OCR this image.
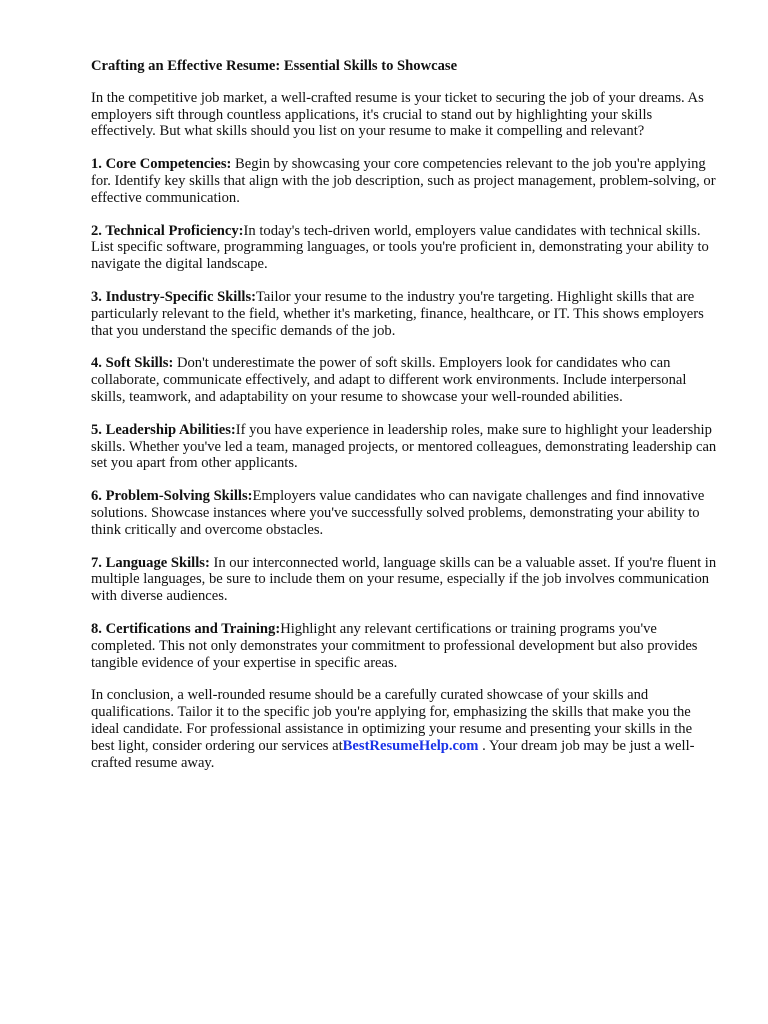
Crafting an Effective Resume: Essential Skills to Showcase

In the competitive job market, a well-crafted resume is your ticket to securing the job of your dreams. As employers sift through countless applications, it's crucial to stand out by highlighting your skills effectively. But what skills should you list on your resume to make it compelling and relevant?

1. Core Competencies: Begin by showcasing your core competencies relevant to the job you're applying for. Identify key skills that align with the job description, such as project management, problem-solving, or effective communication.

2. Technical Proficiency:In today's tech-driven world, employers value candidates with technical skills. List specific software, programming languages, or tools you're proficient in, demonstrating your ability to navigate the digital landscape.

3. Industry-Specific Skills:Tailor your resume to the industry you're targeting. Highlight skills that are particularly relevant to the field, whether it's marketing, finance, healthcare, or IT. This shows employers that you understand the specific demands of the job.

4. Soft Skills: Don't underestimate the power of soft skills. Employers look for candidates who can collaborate, communicate effectively, and adapt to different work environments. Include interpersonal skills, teamwork, and adaptability on your resume to showcase your well-rounded abilities.

5. Leadership Abilities:If you have experience in leadership roles, make sure to highlight your leadership skills. Whether you've led a team, managed projects, or mentored colleagues, demonstrating leadership can set you apart from other applicants.

6. Problem-Solving Skills:Employers value candidates who can navigate challenges and find innovative solutions. Showcase instances where you've successfully solved problems, demonstrating your ability to think critically and overcome obstacles.

7. Language Skills: In our interconnected world, language skills can be a valuable asset. If you're fluent in multiple languages, be sure to include them on your resume, especially if the job involves communication with diverse audiences.

8. Certifications and Training:Highlight any relevant certifications or training programs you've completed. This not only demonstrates your commitment to professional development but also provides tangible evidence of your expertise in specific areas.

In conclusion, a well-rounded resume should be a carefully curated showcase of your skills and qualifications. Tailor it to the specific job you're applying for, emphasizing the skills that make you the ideal candidate. For professional assistance in optimizing your resume and presenting your skills in the best light, consider ordering our services atBestResumeHelp.com . Your dream job may be just a well-crafted resume away.
